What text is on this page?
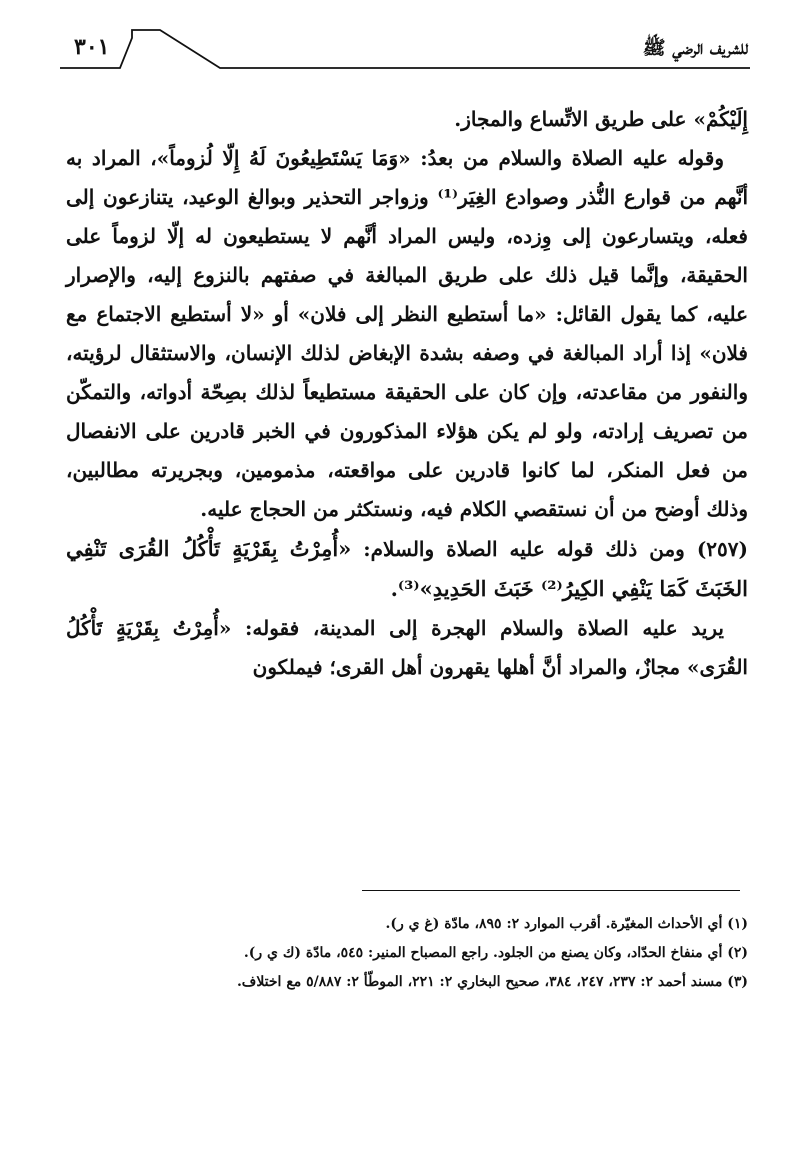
للشريف الرضي ﷺ
٣٠١

إِلَيْكُمْ» على طريق الاتِّساع والمجاز.

وقوله عليه الصلاة والسلام من بعدُ: «وَمَا يَسْتَطِيعُونَ لَهُ إِلّا لُزوماً»، المراد به أنَّهم من قوارع النُّذر وصوادع الغِيَر⁽¹⁾ وزواجر التحذير وبوالغ الوعيد، يتنازعون إلى فعله، ويتسارعون إلى وِزده، وليس المراد أنَّهم لا يستطيعون له إلّا لزوماً على الحقيقة، وإنَّما قيل ذلك على طريق المبالغة في صفتهم بالنزوع إليه، والإصرار عليه، كما يقول القائل: «ما أستطيع النظر إلى فلان» أو «لا أستطيع الاجتماع مع فلان» إذا أراد المبالغة في وصفه بشدة الإبغاض لذلك الإنسان، والاستثقال لرؤيته، والنفور من مقاعدته، وإن كان على الحقيقة مستطيعاً لذلك بصِحّة أدواته، والتمكّن من تصريف إرادته، ولو لم يكن هؤلاء المذكورون في الخبر قادرين على الانفصال من فعل المنكر، لما كانوا قادرين على مواقعته، مذمومين، وبجريرته مطالبين، وذلك أوضح من أن نستقصي الكلام فيه، ونستكثر من الحجاج عليه.

(٢٥٧) ومن ذلك قوله عليه الصلاة والسلام: «أُمِرْتُ بِقَرْيَةٍ تَأْكُلُ القُرَى تَنْفِي الخَبَثَ كَمَا يَنْفِي الكِيرُ⁽²⁾ خَبَثَ الحَدِيدِ»⁽³⁾.

يريد عليه الصلاة والسلام الهجرة إلى المدينة، فقوله: «أُمِرْتُ بِقَرْيَةٍ تَأْكُلُ القُرَى» مجازٌ، والمراد أنَّ أهلها يقهرون أهل القرى؛ فيملكون

(١) أي الأحداث المغيّرة. أقرب الموارد ٢: ٨٩٥، مادّة (غ ي ر).
(٢) أي منفاخ الحدّاد، وكان يصنع من الجلود. راجع المصباح المنير: ٥٤٥، مادّة (ك ي ر).
(٣) مسند أحمد ٢: ٢٣٧، ٢٤٧، ٣٨٤، صحيح البخاري ٢: ٢٢١، الموطّأ ٢: ٥/٨٨٧ مع اختلاف.
